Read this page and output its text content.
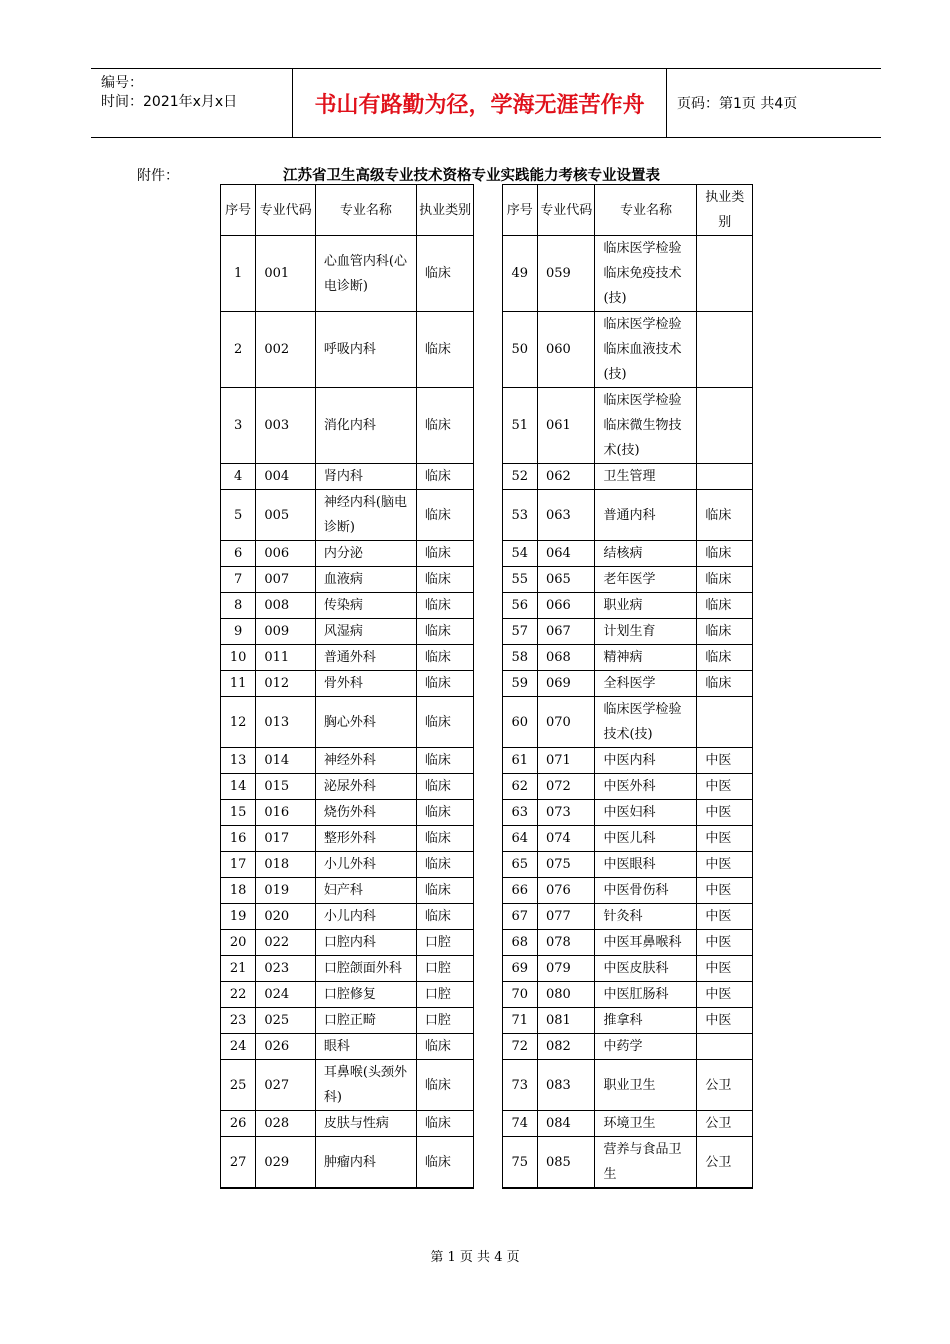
编号：
时间：2021年x月x日	书山有路勤为径，学海无涯苦作舟	页码：第1页 共4页
附件：	江苏省卫生高级专业技术资格专业实践能力考核专业设置表
序号	专业代码	专业名称	执业类别		序号	专业代码	专业名称	执业类别
1	001	心血管内科(心电诊断)	临床		49	059	临床医学检验临床免疫技术(技)	
2	002	呼吸内科	临床		50	060	临床医学检验临床血液技术(技)	
3	003	消化内科	临床		51	061	临床医学检验临床微生物技术(技)	
4	004	肾内科	临床		52	062	卫生管理	
5	005	神经内科(脑电诊断)	临床		53	063	普通内科	临床
6	006	内分泌	临床		54	064	结核病	临床
7	007	血液病	临床		55	065	老年医学	临床
8	008	传染病	临床		56	066	职业病	临床
9	009	风湿病	临床		57	067	计划生育	临床
10	011	普通外科	临床		58	068	精神病	临床
11	012	骨外科	临床		59	069	全科医学	临床
12	013	胸心外科	临床		60	070	临床医学检验技术(技)	
13	014	神经外科	临床		61	071	中医内科	中医
14	015	泌尿外科	临床		62	072	中医外科	中医
15	016	烧伤外科	临床		63	073	中医妇科	中医
16	017	整形外科	临床		64	074	中医儿科	中医
17	018	小儿外科	临床		65	075	中医眼科	中医
18	019	妇产科	临床		66	076	中医骨伤科	中医
19	020	小儿内科	临床		67	077	针灸科	中医
20	022	口腔内科	口腔		68	078	中医耳鼻喉科	中医
21	023	口腔颌面外科	口腔		69	079	中医皮肤科	中医
22	024	口腔修复	口腔		70	080	中医肛肠科	中医
23	025	口腔正畸	口腔		71	081	推拿科	中医
24	026	眼科	临床		72	082	中药学	
25	027	耳鼻喉(头颈外科)	临床		73	083	职业卫生	公卫
26	028	皮肤与性病	临床		74	084	环境卫生	公卫
27	029	肿瘤内科	临床		75	085	营养与食品卫生	公卫

第 1 页 共 4 页
